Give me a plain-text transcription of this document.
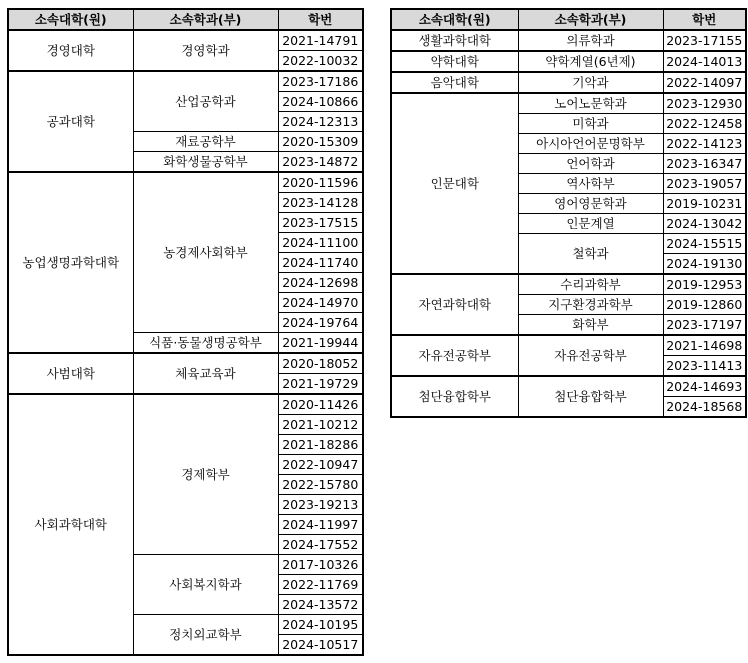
소속대학(원)	소속학과(부)	학번
경영대학	경영학과	2021-14791
		2022-10032
공과대학	산업공학과	2023-17186
		2024-10866
		2024-12313
	재료공학부	2020-15309
	화학생물공학부	2023-14872
농업생명과학대학	농경제사회학부	2020-11596
		2023-14128
		2023-17515
		2024-11100
		2024-11740
		2024-12698
		2024-14970
		2024-19764
	식품·동물생명공학부	2021-19944
사범대학	체육교육과	2020-18052
		2021-19729
사회과학대학	경제학부	2020-11426
		2021-10212
		2021-18286
		2022-10947
		2022-15780
		2023-19213
		2024-11997
		2024-17552
	사회복지학과	2017-10326
		2022-11769
		2024-13572
	정치외교학부	2024-10195
		2024-10517
소속대학(원)	소속학과(부)	학번
생활과학대학	의류학과	2023-17155
약학대학	약학계열(6년제)	2024-14013
음악대학	기악과	2022-14097
인문대학	노어노문학과	2023-12930
	미학과	2022-12458
	아시아언어문명학부	2022-14123
	언어학과	2023-16347
	역사학부	2023-19057
	영어영문학과	2019-10231
	인문계열	2024-13042
	철학과	2024-15515
		2024-19130
자연과학대학	수리과학부	2019-12953
	지구환경과학부	2019-12860
	화학부	2023-17197
자유전공학부	자유전공학부	2021-14698
		2023-11413
첨단융합학부	첨단융합학부	2024-14693
		2024-18568
